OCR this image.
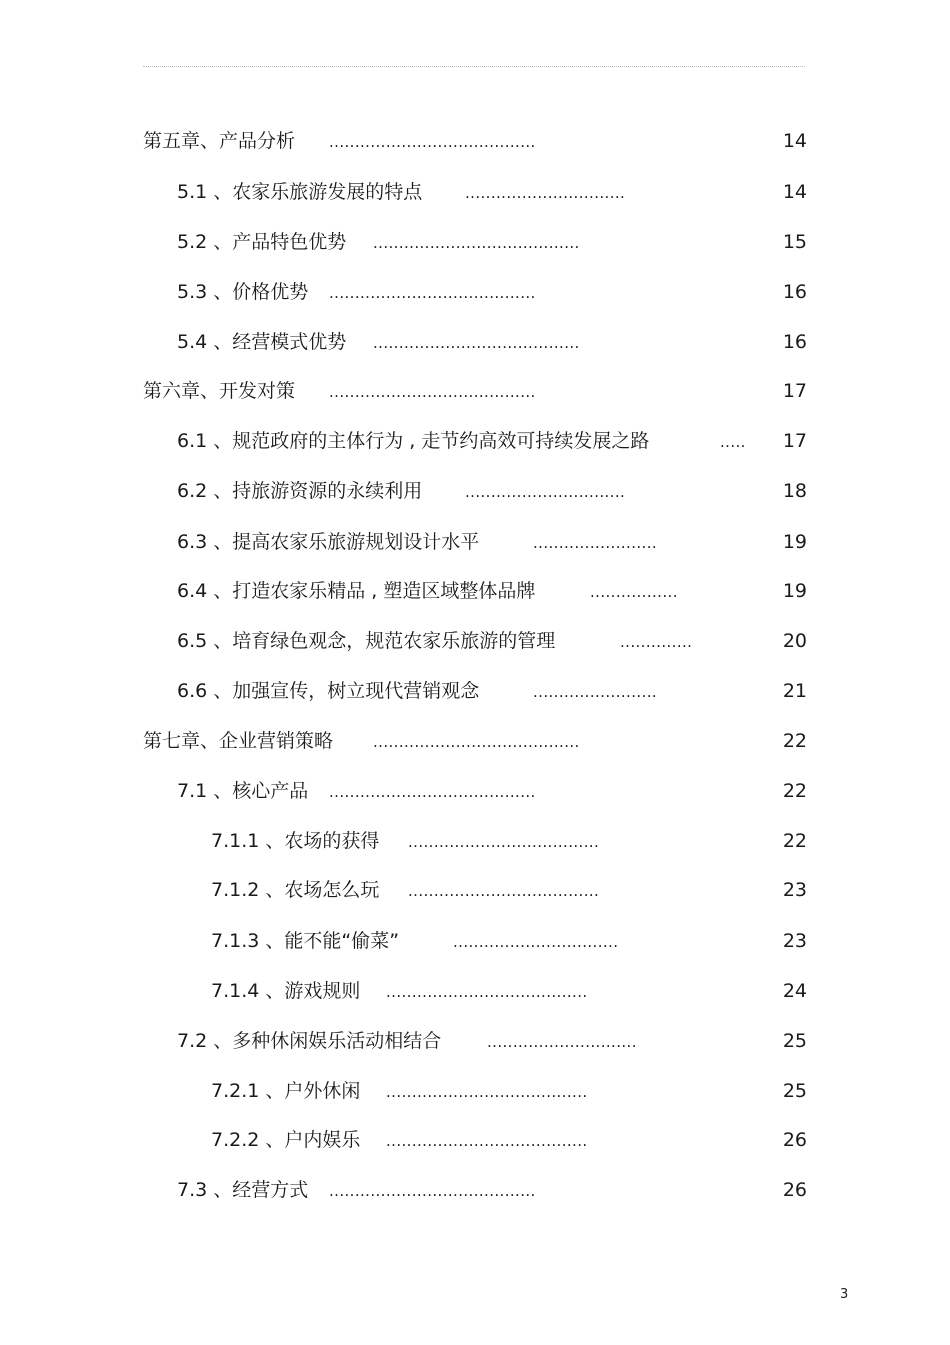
第五章、产品分析 ........................................	14
5.1 、农家乐旅游发展的特点	...............................	14
5.2 、产品特色优势 ........................................	15
5.3 、价格优势 ........................................	16
5.4 、经营模式优势 ........................................	16
第六章、开发对策 ........................................	17
6.1 、规范政府的主体行为 , 走节约高效可持续发展之路	..... 17
6.2 、持旅游资源的永续利用	...............................	18
6.3 、提高农家乐旅游规划设计水平	........................	19
6.4 、打造农家乐精品 , 塑造区域整体品牌	.................	19
6.5 、培育绿色观念，规范农家乐旅游的管理	..............	20
6.6 、加强宣传，树立现代营销观念	........................	21
第七章、企业营销策略	........................................	22
7.1 、核心产品 ........................................	22
7.1.1 、农场的获得 .....................................	22
7.1.2 、农场怎么玩 .....................................	23
7.1.3 、能不能“偷菜”	................................	23
7.1.4 、游戏规则 .......................................	24
7.2 、多种休闲娱乐活动相结合	.............................	25
7.2.1 、户外休闲 .......................................	25
7.2.2 、户内娱乐 .......................................	26
7.3 、经营方式 ........................................	26
3
